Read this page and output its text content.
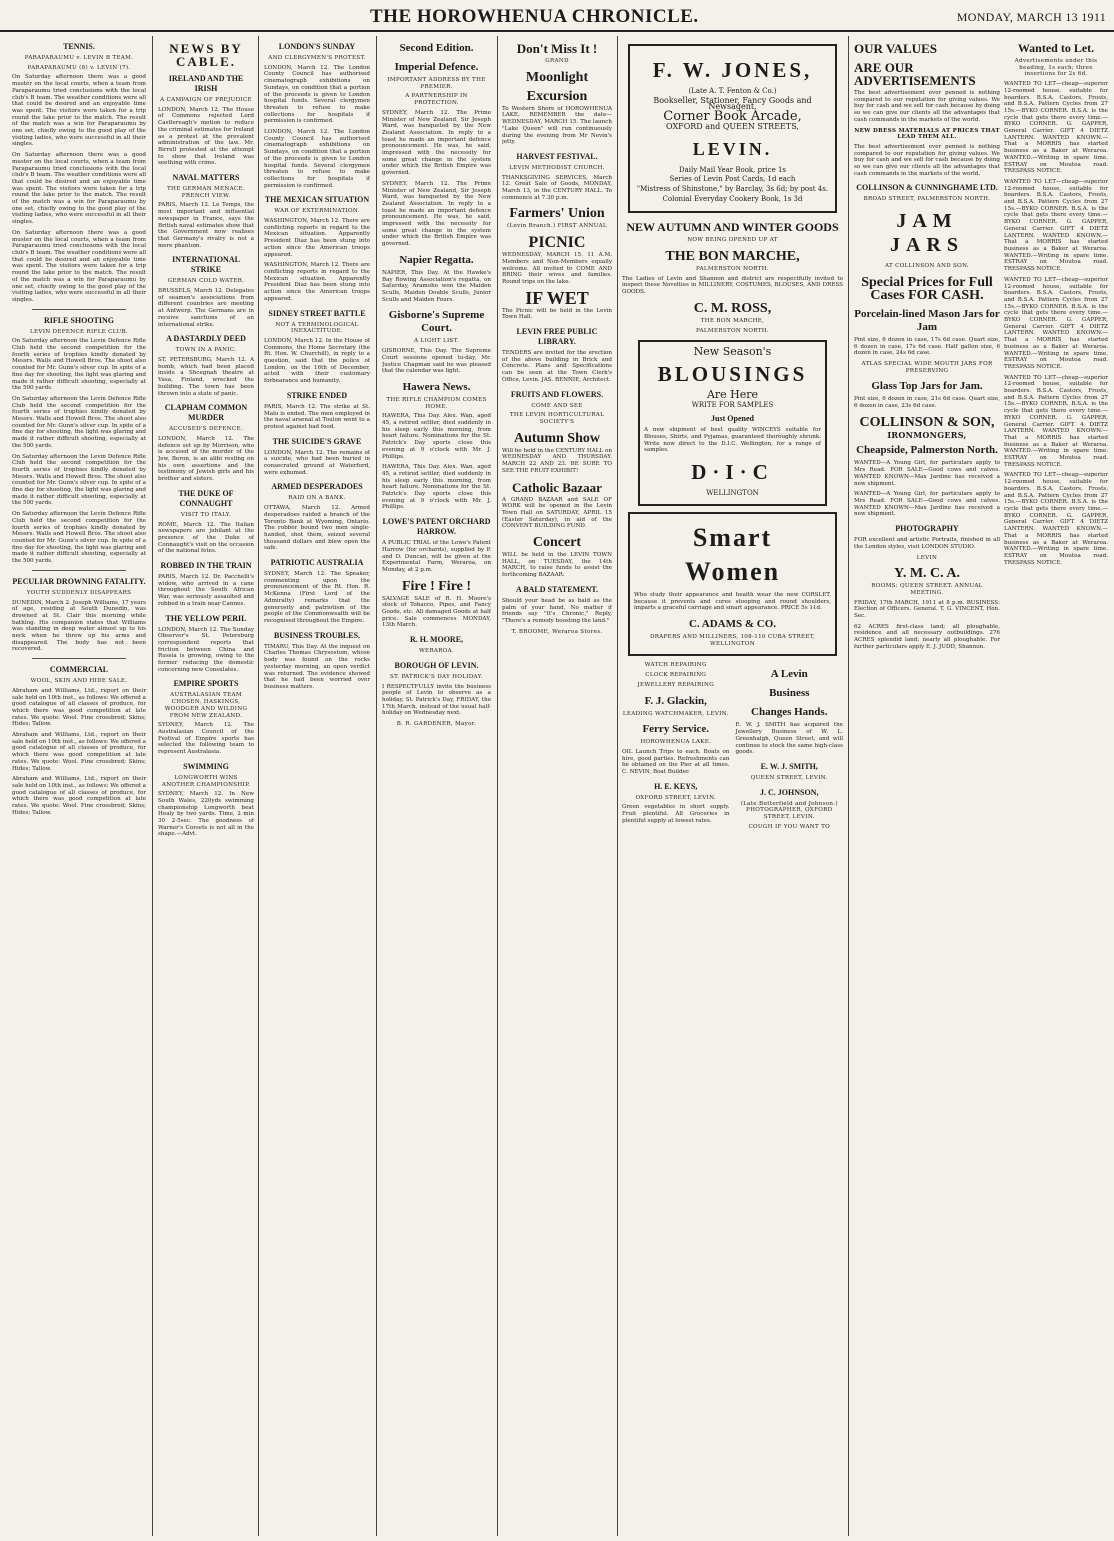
THE HOROWHENUA CHRONICLE.	MONDAY, MARCH 13 1911
TENNIS.
PARAPARAUMU v. LEVIN B TEAM.
PARAPARAUMU (8) v. LEVIN (7).

On Saturday afternoon there was a good muster on the local courts, when a team from Paraparaumu tried conclusions with the local club's B team. The weather conditions were all that could be desired and an enjoyable time was spent. The visitors were taken for a trip round the lake prior to the match. The result of the match was a win for Paraparaumu by one set, chiefly owing to the good play of the visiting ladies, who were successful in all their singles.

On Saturday afternoon there was a good muster on the local courts, when a team from Paraparaumu tried conclusions with the local club's B team. The weather conditions were all that could be desired and an enjoyable time was spent. The visitors were taken for a trip round the lake prior to the match. The result of the match was a win for Paraparaumu by one set, chiefly owing to the good play of the visiting ladies, who were successful in all their singles.

On Saturday afternoon there was a good muster on the local courts, when a team from Paraparaumu tried conclusions with the local club's B team. The weather conditions were all that could be desired and an enjoyable time was spent. The visitors were taken for a trip round the lake prior to the match. The result of the match was a win for Paraparaumu by one set, chiefly owing to the good play of the visiting ladies, who were successful in all their singles.

RIFLE SHOOTING
LEVIN DEFENCE RIFLE CLUB.

On Saturday afternoon the Levin Defence Rifle Club held the second competition for the fourth series of trophies kindly donated by Messrs. Walls and Howell Bros. The shoot also counted for Mr. Gunn's silver cup. In spite of a fine day for shooting, the light was glaring and made it rather difficult shooting, especially at the 500 yards.

On Saturday afternoon the Levin Defence Rifle Club held the second competition for the fourth series of trophies kindly donated by Messrs. Walls and Howell Bros. The shoot also counted for Mr. Gunn's silver cup. In spite of a fine day for shooting, the light was glaring and made it rather difficult shooting, especially at the 500 yards.

On Saturday afternoon the Levin Defence Rifle Club held the second competition for the fourth series of trophies kindly donated by Messrs. Walls and Howell Bros. The shoot also counted for Mr. Gunn's silver cup. In spite of a fine day for shooting, the light was glaring and made it rather difficult shooting, especially at the 500 yards.

On Saturday afternoon the Levin Defence Rifle Club held the second competition for the fourth series of trophies kindly donated by Messrs. Walls and Howell Bros. The shoot also counted for Mr. Gunn's silver cup. In spite of a fine day for shooting, the light was glaring and made it rather difficult shooting, especially at the 500 yards.

PECULIAR DROWNING FATALITY.
YOUTH SUDDENLY DISAPPEARS

DUNEDIN, March 2. Joseph Williams, 17 years of age, residing at South Dunedin, was drowned at St. Clair this morning while bathing. His companion states that Williams was standing in deep water almost up to his neck when he threw up his arms and disappeared. The body has not been recovered.

COMMERCIAL
WOOL, SKIN AND HIDE SALE.

Abraham and Williams, Ltd., report on their sale held on 10th inst., as follows: We offered a good catalogue of all classes of produce, for which there was good competition at late rates. We quote: Wool. Fine crossbred; Skins; Hides; Tallow.

Abraham and Williams, Ltd., report on their sale held on 10th inst., as follows: We offered a good catalogue of all classes of produce, for which there was good competition at late rates. We quote: Wool. Fine crossbred; Skins; Hides; Tallow.

Abraham and Williams, Ltd., report on their sale held on 10th inst., as follows: We offered a good catalogue of all classes of produce, for which there was good competition at late rates. We quote: Wool. Fine crossbred; Skins; Hides; Tallow.

NEWS BY CABLE.
IRELAND AND THE IRISH
A CAMPAIGN OF PREJUDICE

LONDON, March 12. The House of Commons rejected Lord Castlereagh's motion to reduce the criminal estimates for Ireland as a protest at the prevalent administration of the law. Mr. Birrell protested at the attempt to show that Ireland was seething with crime.

NAVAL MATTERS
THE GERMAN MENACE. FRENCH VIEW.

PARIS, March 12. Le Temps, the most important and influential newspaper in France, says the British naval estimates show that the Government now realises that Germany's rivalry is not a mere phantom.

INTERNATIONAL STRIKE
GERMAN COLD WATER.

BRUSSELS, March 12. Delegates of seamen's associations from different countries are meeting at Antwerp. The Germans are in receive sanctions of an international strike.

A DASTARDLY DEED
TOWN IN A PANIC.

ST. PETERSBURG, March 12. A bomb, which had been placed inside a Shcegnah theatre at Vasa, Finland, wrecked the building. The town has been thrown into a state of panic.

CLAPHAM COMMON MURDER
ACCUSED'S DEFENCE.

LONDON, March 12. The defence set up by Morrison, who is accused of the murder of the Jew, Beron, is an alibi resting on his own assertions and the testimony of Jewish girls and his brother and sisters.

THE DUKE OF CONNAUGHT
VISIT TO ITALY.

ROME, March 12. The Italian newspapers are jubilant at the presence of the Duke of Connaught's visit on the occasion of the national fetes.

ROBBED IN THE TRAIN

PARIS, March 12. Dr. Pacchelli's widow, who arrived in a cane throughout the South African War, was seriously assaulted and robbed in a train near Cannes.

THE YELLOW PERIL

LONDON, March 12. The Sunday Observer's St. Petersburg correspondent reports that friction between China and Russia is growing, owing to the former reducing the domestic concerning new Consulates.

EMPIRE SPORTS
AUSTRALASIAN TEAM CHOSEN. HASKINGS, WOODGER AND WILDING FROM NEW ZEALAND.

SYDNEY, March 12. The Australasian Council of the Festival of Empire sports has selected the following team to represent Australasia.

SWIMMING
LONGWORTH WINS ANOTHER CHAMPIONSHIP.

SYDNEY, March 12. In New South Wales, 220yds swimming championship Longworth beat Healy by two yards. Time, 2 min 30 2-5sec. The goodness of Warner's Corsets is not all in the shape.—Advt.

LONDON'S SUNDAY
AND CLERGYMEN'S PROTEST.

LONDON, March 12. The London County Council has authorised cinematograph exhibitions on Sundays, on condition that a portion of the proceeds is given to London hospital funds. Several clergymen threaten to refuse to make collections for hospitals if permission is confirmed.

LONDON, March 12. The London County Council has authorised cinematograph exhibitions on Sundays, on condition that a portion of the proceeds is given to London hospital funds. Several clergymen threaten to refuse to make collections for hospitals if permission is confirmed.

THE MEXICAN SITUATION
WAR OF EXTERMINATION.

WASHINGTON, March 12. There are conflicting reports in regard to the Mexican situation. Apparently President Diaz has been stung into action since the American troops appeared.

WASHINGTON, March 12. There are conflicting reports in regard to the Mexican situation. Apparently President Diaz has been stung into action since the American troops appeared.

SIDNEY STREET BATTLE
NOT A TERMINOLOGICAL INEXACTITUDE.

LONDON, March 12. In the House of Commons, the Home Secretary (the Rt. Hon. W. Churchill), in reply to a question, said that the police of London, on the 16th of December, acted with their customary forbearance and humanity.

STRIKE ENDED

PARIS, March 12. The strike at St. Malo is ended. The men employed in the naval arsenal at Toulon went to a protest against bad food.

THE SUICIDE'S GRAVE

LONDON, March 12. The remains of a suicide, who had been buried in consecrated ground at Waterford, were exhumed.

ARMED DESPERADOES
RAID ON A BANK.

OTTAWA, March 12. Armed desperadoes raided a branch of the Toronto Bank at Wyoming, Ontario. The robber bound two men single-handed, shot them, seized several thousand dollars and blew open the safe.

PATRIOTIC AUSTRALIA

SYDNEY, March 12. The Speaker, commenting upon the pronouncement of the Rt. Hon. R. McKenna (First Lord of the Admiralty) remarks that the generosity and patriotism of the people of the Commonwealth will be recognised throughout the Empire.

BUSINESS TROUBLES.

TIMARU, This Day. At the inquest on Charles Thomas Chrysostom, whose body was found on the rocks yesterday morning, an open verdict was returned. The evidence showed that he had been worried over business matters.

Second Edition.
Imperial Defence.
IMPORTANT ADDRESS BY THE PREMIER.
A PARTNERSHIP IN PROTECTION.

SYDNEY, March 12. The Prime Minister of New Zealand, Sir Joseph Ward, was banqueted by the New Zealand Association. In reply to a toast he made an important defence pronouncement. He was, he said, impressed with the necessity for some great change in the system under which the British Empire was governed.

SYDNEY, March 12. The Prime Minister of New Zealand, Sir Joseph Ward, was banqueted by the New Zealand Association. In reply to a toast he made an important defence pronouncement. He was, he said, impressed with the necessity for some great change in the system under which the British Empire was governed.

Napier Regatta.

NAPIER, This Day. At the Hawke's Bay Rowing Association's regatta, on Saturday, Aramoho won the Maiden Sculls, Maiden Double Sculls, Junior Sculls and Maiden Fours.

Gisborne's Supreme Court.
A LIGHT LIST.

GISBORNE, This Day. The Supreme Court sessions opened to-day, Mr. Justice Chapman said he was pleased that the calendar was light.

Hawera News.
THE RIFLE CHAMPION COMES HOME.

HAWERA, This Day. Alex. Wan, aged 45, a retired settler, died suddenly in his sleep early this morning, from heart failure. Nominations for the St. Patrick's Day sports close this evening at 9 o'clock with Mr. J. Phillips.

HAWERA, This Day. Alex. Wan, aged 45, a retired settler, died suddenly in his sleep early this morning, from heart failure. Nominations for the St. Patrick's Day sports close this evening at 9 o'clock with Mr. J. Phillips.

LOWE'S PATENT ORCHARD HARROW.

A PUBLIC TRIAL of the Lowe's Patent Harrow (for orchards), supplied by P. and D. Duncan, will be given at the Experimental Farm, Weraroa, on Monday, at 2 p.m.

Fire ! Fire !

SALVAGE SALE of R. H. Moore's stock of Tobacco, Pipes, and Fancy Goods, etc. All damaged Goods at half price. Sale commences MONDAY, 13th March.

R. H. MOORE,
WERAROA.
BOROUGH OF LEVIN.
ST. PATRICK'S DAY HOLIDAY.

I RESPECTFULLY invite the business people of Levin to observe as a holiday, St. Patrick's Day, FRIDAY, the 17th March, instead of the usual half-holiday on Wednesday next.

B. R. GARDENER, Mayor.
Don't Miss It !
GRAND
Moonlight
Excursion

To Western Shore of HOROWHENUA LAKE. REMEMBER the date—WEDNESDAY, MARCH 15. The launch "Lake Queen" will run continuously during the evening from Mr Nevin's jetty.

HARVEST FESTIVAL.
LEVIN METHODIST CHURCH.

THANKSGIVING SERVICES, March 12. Great Sale of Goods, MONDAY, March 13, in the CENTURY HALL. To commence at 7.30 p.m.

Farmers' Union
(Levin Branch.) FIRST ANNUAL
PICNIC

WEDNESDAY, MARCH 15. 11 A.M. Members and Non-Members equally welcome. All invited to COME AND BRING their wives and families. Round trips on the lake.

IF WET

The Picnic will be held in the Levin Town Hall.

LEVIN FREE PUBLIC LIBRARY.

TENDERS are invited for the erection of the above building in Brick and Concrete. Plans and Specifications can be seen at the Town Clerk's Office, Levin. JAS. BENNIE, Architect.

FRUITS AND FLOWERS.
COME AND SEE
THE LEVIN HORTICULTURAL SOCIETY'S
Autumn Show

Will be held in the CENTURY HALL on WEDNESDAY AND THURSDAY, MARCH 22 AND 23. BE SURE TO SEE THE FRUIT EXHIBIT!

Catholic Bazaar

A GRAND BAZAAR and SALE OF WORK will be opened in the Levin Town Hall on SATURDAY, APRIL 15 (Easter Saturday), in aid of the CONVENT BUILDING FUND.

Concert

WILL be held in the LEVIN TOWN HALL, on TUESDAY, the 14th MARCH, to raise funds to assist the forthcoming BAZAAR.

A BALD STATEMENT.

Should your head be as bald as the palm of your hand, No matter if friends say "It's Chronic," Reply, "There's a remedy boosting the land."

T. BROOME, Weraroa Stores.
F. W. JONES,
(Late A. T. Fenton & Co.)
Bookseller, Stationer, Fancy Goods and Newsagent,
Corner Book Arcade,
OXFORD and QUEEN STREETS,
LEVIN.
Daily Mail Year Book, price 1s
Series of Levin Post Cards, 1d each
"Mistress of Shinstone," by Barclay, 3s 6d; by post 4s.
Colonial Everyday Cookery Book, 1s 3d
NEW AUTUMN AND WINTER GOODS
NOW BEING OPENED UP AT
THE BON MARCHE,
PALMERSTON NORTH.

The Ladies of Levin and Shannon and district are respectfully invited to inspect these Novelties in MILLINERY, COSTUMES, BLOUSES, AND DRESS GOODS.

C. M. ROSS,
THE BON MARCHE,
PALMERSTON NORTH.
New Season's
BLOUSINGS
Are Here
WRITE FOR SAMPLES
Just Opened

A new shipment of best quality WINCEYS suitable for Blouses, Shirts, and Pyjamas, guaranteed thoroughly shrunk. Write now direct to the D.I.C. Wellington, for a range of samples.

D·I·C
WELLINGTON
Smart
Women

Who study their appearance and health wear the new CORSLET, because it prevents and cures stooping and round shoulders, imparts a graceful carriage and smart appearance. PRICE 5s 11d.

C. ADAMS & CO.
DRAPERS AND MILLINERS, 108-110 CUBA STREET, WELLINGTON
WATCH REPAIRING
CLOCK REPAIRING
JEWELLERY REPAIRING
F. J. Glackin,
LEADING WATCHMAKER, LEVIN.
Ferry Service.
HOROWHENUA LAKE.

OIL Launch Trips to each. Boats on hire, good parties. Refreshments can be obtained on the Pier at all times. C. NEVIN, Boat Builder.

H. E. KEYS,
OXFORD STREET, LEVIN.

Green vegetables in short supply. Fruit plentiful. All Groceries in plentiful supply at lowest rates.

A Levin
Business
Changes Hands.

E. W. J. SMITH has acquired the Jewellery Business of W. L. Greenhalgh, Queen Street, and will continue to stock the same high-class goods.

E. W. J. SMITH,
QUEEN STREET, LEVIN.
J. C. JOHNSON,
(Late Butterfield and Johnson.) PHOTOGRAPHER, OXFORD STREET, LEVIN.
COUGH IF YOU WANT TO
OUR VALUES
ARE OUR ADVERTISEMENTS

The best advertisement ever penned is nothing compared to our reputation for giving values. We buy for cash and we sell for cash because by doing so we can give our clients all the advantages that cash commands in the markets of the world.

NEW DRESS MATERIALS AT PRICES THAT LEAD THEM ALL.

The best advertisement ever penned is nothing compared to our reputation for giving values. We buy for cash and we sell for cash because by doing so we can give our clients all the advantages that cash commands in the markets of the world.

COLLINSON & CUNNINGHAME LTD.
BROAD STREET, PALMERSTON NORTH.
JAM JARS
AT COLLINSON AND SON.
Special Prices for Full Cases FOR CASH.
Porcelain-lined Mason Jars for Jam

Pint size, 6 dozen in case, 17s 6d case. Quart size, 6 dozen in case, 17s 6d case. Half gallon size, 6 dozen in case, 24s 6d case.

ATLAS SPECIAL WIDE MOUTH JARS FOR PRESERVING
Glass Top Jars for Jam.

Pint size, 6 dozen in case, 21s 6d case. Quart size, 6 dozen in case, 23s 6d case.

COLLINSON & SON,
IRONMONGERS,
Cheapside, Palmerston North.

WANTED—A Young Girl, for particulars apply to Mrs Read. FOR SALE—Good cows and calves. WANTED KNOWN—Max Jardine has received a new shipment.

WANTED—A Young Girl, for particulars apply to Mrs Read. FOR SALE—Good cows and calves. WANTED KNOWN—Max Jardine has received a new shipment.

PHOTOGRAPHY

FOR excellent and artistic Portraits, finished in all the London styles, visit LONDON STUDIO.

LEVIN
Y. M. C. A.
ROOMS: QUEEN STREET. ANNUAL MEETING.

FRIDAY, 17th MARCH, 1911 at 8 p.m. BUSINESS: Election of Officers. General. T. G. VINCENT, Hon. Sec.

62 ACRES first-class land; all ploughable, residence and all necessary outbuildings. 276 ACRES splendid land; nearly all ploughable. For further particulars apply E. J. JUDD, Shannon.

Wanted to Let.
Advertisements under this heading, 1s each; three insertions for 2s 6d.

WANTED TO LET—cheap—superior 12-roomed house, suitable for boarders. B.S.A. Castors, Frosts, and B.S.A. Pattern Cycles from 27 15s.—BYKO CORNER. B.S.A. is the cycle that gets there every time.—BYKO CORNER. G. GAPPER, General Carrier. GIFT 4 DIETZ LANTERN. WANTED KNOWN.—That a MORRIS has started business as a Baker at Weraroa. WANTED.—Writing in spare time. ESTRAY on Moutoa road. TRESPASS NOTICE.

WANTED TO LET—cheap—superior 12-roomed house, suitable for boarders. B.S.A. Castors, Frosts, and B.S.A. Pattern Cycles from 27 15s.—BYKO CORNER. B.S.A. is the cycle that gets there every time.—BYKO CORNER. G. GAPPER, General Carrier. GIFT 4 DIETZ LANTERN. WANTED KNOWN.—That a MORRIS has started business as a Baker at Weraroa. WANTED.—Writing in spare time. ESTRAY on Moutoa road. TRESPASS NOTICE.

WANTED TO LET—cheap—superior 12-roomed house, suitable for boarders. B.S.A. Castors, Frosts, and B.S.A. Pattern Cycles from 27 15s.—BYKO CORNER. B.S.A. is the cycle that gets there every time.—BYKO CORNER. G. GAPPER, General Carrier. GIFT 4 DIETZ LANTERN. WANTED KNOWN.—That a MORRIS has started business as a Baker at Weraroa. WANTED.—Writing in spare time. ESTRAY on Moutoa road. TRESPASS NOTICE.

WANTED TO LET—cheap—superior 12-roomed house, suitable for boarders. B.S.A. Castors, Frosts, and B.S.A. Pattern Cycles from 27 15s.—BYKO CORNER. B.S.A. is the cycle that gets there every time.—BYKO CORNER. G. GAPPER, General Carrier. GIFT 4 DIETZ LANTERN. WANTED KNOWN.—That a MORRIS has started business as a Baker at Weraroa. WANTED.—Writing in spare time. ESTRAY on Moutoa road. TRESPASS NOTICE.

WANTED TO LET—cheap—superior 12-roomed house, suitable for boarders. B.S.A. Castors, Frosts, and B.S.A. Pattern Cycles from 27 15s.—BYKO CORNER. B.S.A. is the cycle that gets there every time.—BYKO CORNER. G. GAPPER, General Carrier. GIFT 4 DIETZ LANTERN. WANTED KNOWN.—That a MORRIS has started business as a Baker at Weraroa. WANTED.—Writing in spare time. ESTRAY on Moutoa road. TRESPASS NOTICE.
